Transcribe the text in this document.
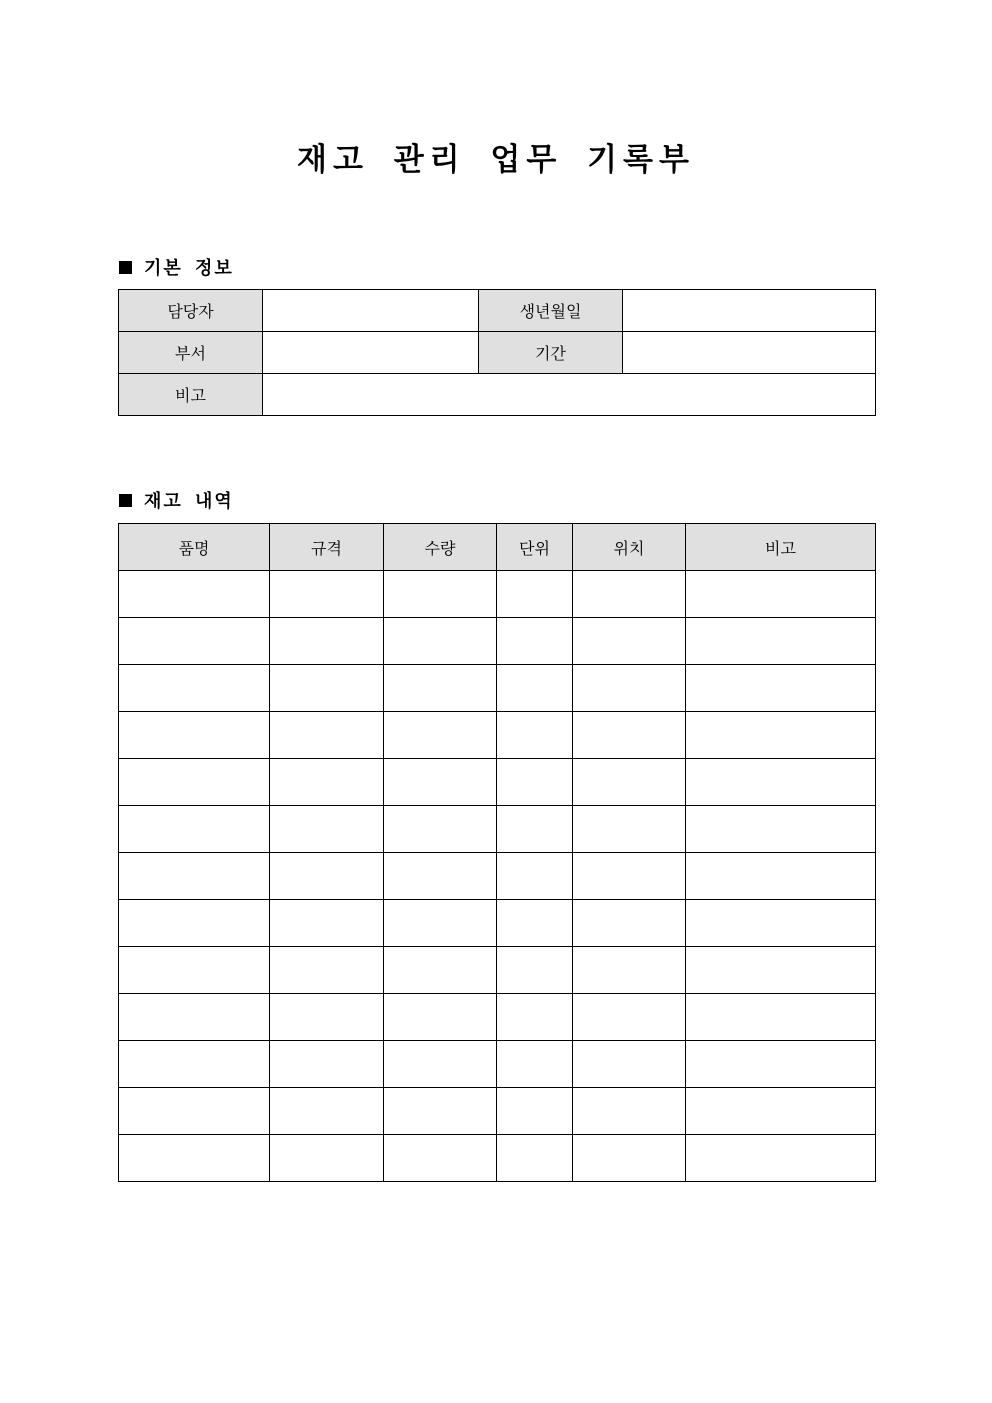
재고 관리 업무 기록부
기본 정보
담당자		생년월일	
부서		기간	
비고			
재고 내역
품명	규격	수량	단위	위치	비고
